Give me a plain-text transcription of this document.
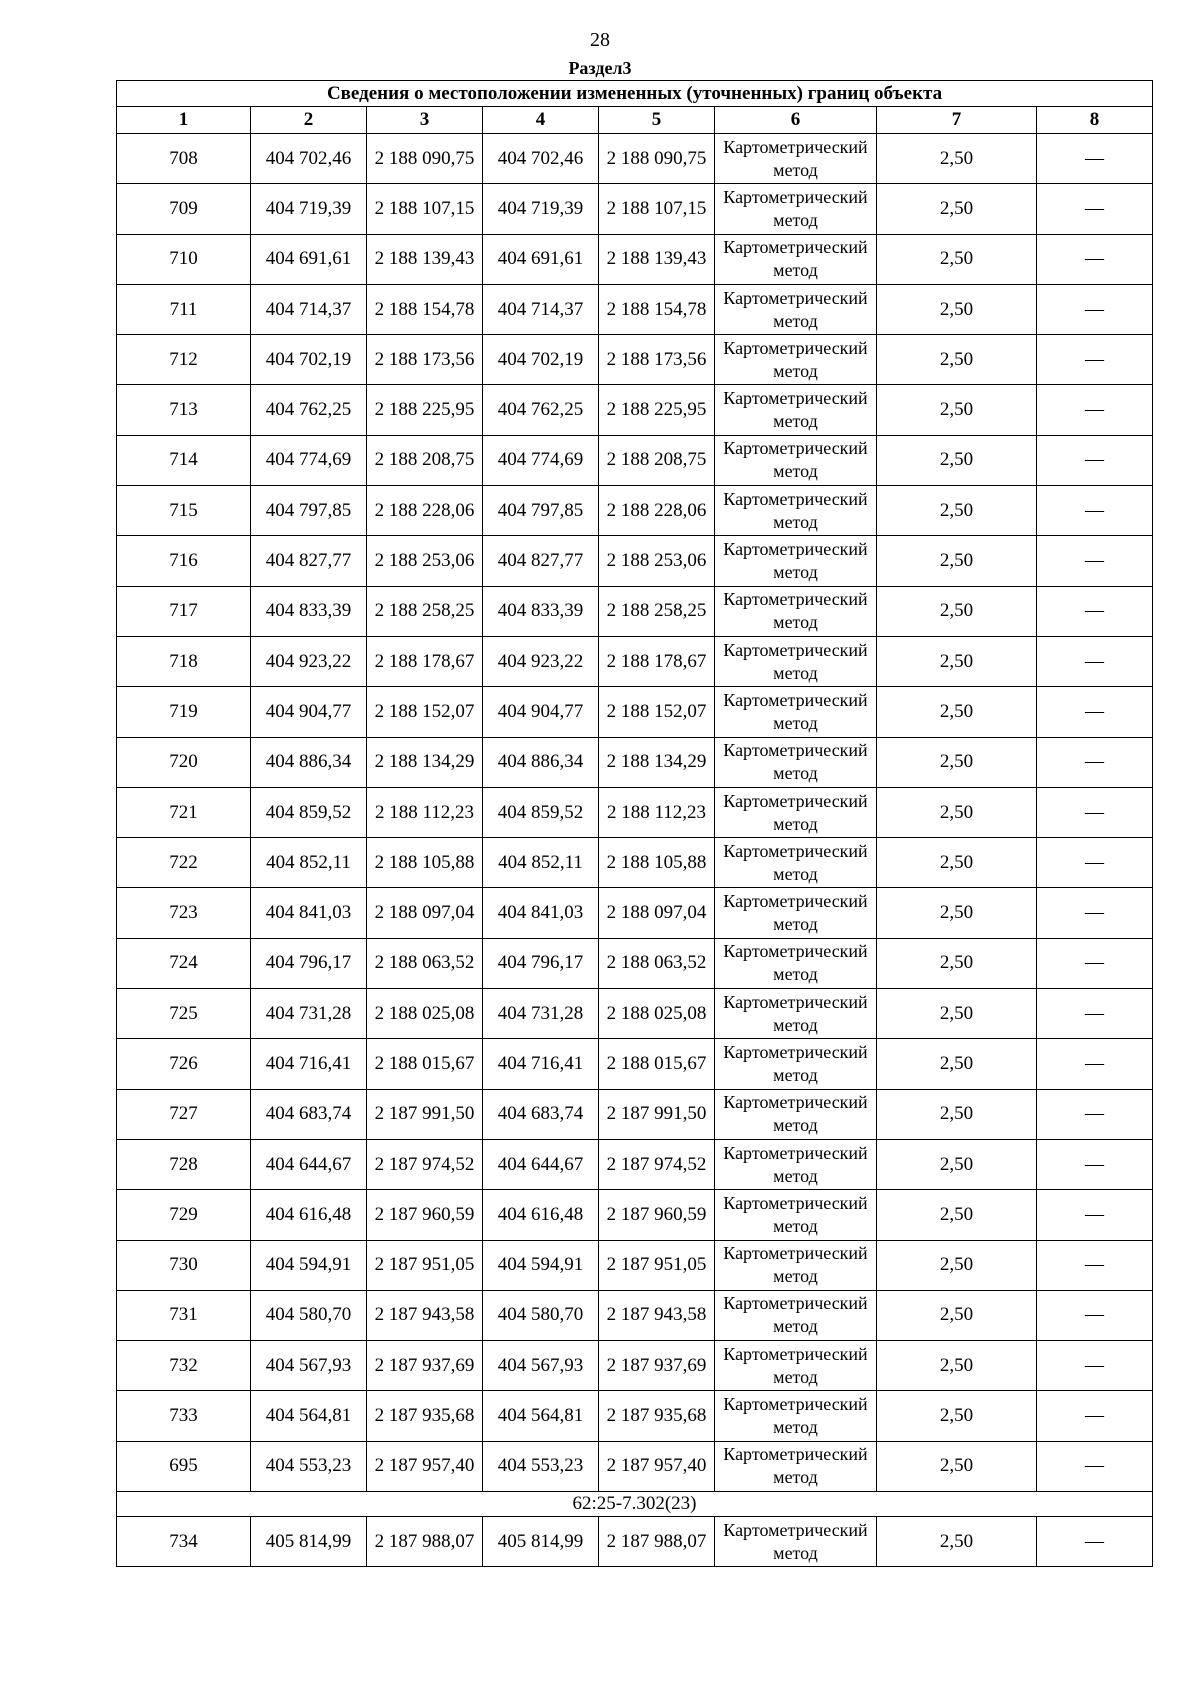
28
Раздел3
Сведения о местоположении измененных (уточненных) границ объекта							
1	2	3	4	5	6	7	8
708	404 702,46	2 188 090,75	404 702,46	2 188 090,75	Картометрический метод	2,50	—
709	404 719,39	2 188 107,15	404 719,39	2 188 107,15	Картометрический метод	2,50	—
710	404 691,61	2 188 139,43	404 691,61	2 188 139,43	Картометрический метод	2,50	—
711	404 714,37	2 188 154,78	404 714,37	2 188 154,78	Картометрический метод	2,50	—
712	404 702,19	2 188 173,56	404 702,19	2 188 173,56	Картометрический метод	2,50	—
713	404 762,25	2 188 225,95	404 762,25	2 188 225,95	Картометрический метод	2,50	—
714	404 774,69	2 188 208,75	404 774,69	2 188 208,75	Картометрический метод	2,50	—
715	404 797,85	2 188 228,06	404 797,85	2 188 228,06	Картометрический метод	2,50	—
716	404 827,77	2 188 253,06	404 827,77	2 188 253,06	Картометрический метод	2,50	—
717	404 833,39	2 188 258,25	404 833,39	2 188 258,25	Картометрический метод	2,50	—
718	404 923,22	2 188 178,67	404 923,22	2 188 178,67	Картометрический метод	2,50	—
719	404 904,77	2 188 152,07	404 904,77	2 188 152,07	Картометрический метод	2,50	—
720	404 886,34	2 188 134,29	404 886,34	2 188 134,29	Картометрический метод	2,50	—
721	404 859,52	2 188 112,23	404 859,52	2 188 112,23	Картометрический метод	2,50	—
722	404 852,11	2 188 105,88	404 852,11	2 188 105,88	Картометрический метод	2,50	—
723	404 841,03	2 188 097,04	404 841,03	2 188 097,04	Картометрический метод	2,50	—
724	404 796,17	2 188 063,52	404 796,17	2 188 063,52	Картометрический метод	2,50	—
725	404 731,28	2 188 025,08	404 731,28	2 188 025,08	Картометрический метод	2,50	—
726	404 716,41	2 188 015,67	404 716,41	2 188 015,67	Картометрический метод	2,50	—
727	404 683,74	2 187 991,50	404 683,74	2 187 991,50	Картометрический метод	2,50	—
728	404 644,67	2 187 974,52	404 644,67	2 187 974,52	Картометрический метод	2,50	—
729	404 616,48	2 187 960,59	404 616,48	2 187 960,59	Картометрический метод	2,50	—
730	404 594,91	2 187 951,05	404 594,91	2 187 951,05	Картометрический метод	2,50	—
731	404 580,70	2 187 943,58	404 580,70	2 187 943,58	Картометрический метод	2,50	—
732	404 567,93	2 187 937,69	404 567,93	2 187 937,69	Картометрический метод	2,50	—
733	404 564,81	2 187 935,68	404 564,81	2 187 935,68	Картометрический метод	2,50	—
695	404 553,23	2 187 957,40	404 553,23	2 187 957,40	Картометрический метод	2,50	—
62:25-7.302(23)							
734	405 814,99	2 187 988,07	405 814,99	2 187 988,07	Картометрический метод	2,50	—
